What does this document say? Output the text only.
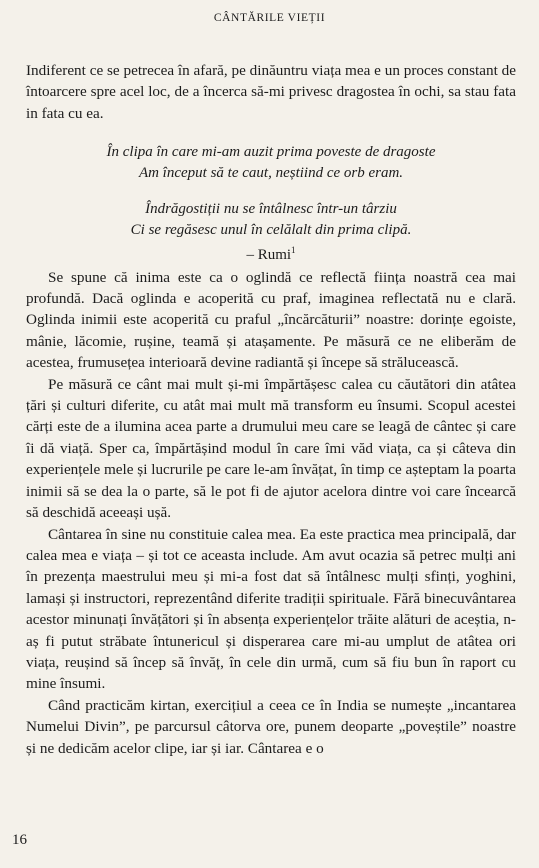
CÂNTĂRILE VIEȚII

Indiferent ce se petrecea în afară, pe dinăuntru viața mea e un proces constant de întoarcere spre acel loc, de a încerca să-mi privesc dragostea în ochi, sa stau fata in fata cu ea.

În clipa în care mi-am auzit prima poveste de dragoste

Am început să te caut, neștiind ce orb eram.

Îndrăgostiții nu se întâlnesc într-un târziu

Ci se regăsesc unul în celălalt din prima clipă.

– Rumi$^1$

Se spune că inima este ca o oglindă ce reflectă ființa noastră cea mai profundă. Dacă oglinda e acoperită cu praf, imaginea reflectată nu e clară. Oglinda inimii este acoperită cu praful „încărcăturii” noastre: dorințe egoiste, mânie, lăcomie, rușine, teamă și atașamente. Pe măsură ce ne eliberăm de acestea, frumusețea interioară devine radiantă și începe să strălucească.

Pe măsură ce cânt mai mult și-mi împărtășesc calea cu căutători din atâtea țări și culturi diferite, cu atât mai mult mă transform eu însumi. Scopul acestei cărți este de a ilumina acea parte a drumului meu care se leagă de cântec și care îi dă viață. Sper ca, împărtășind modul în care îmi văd viața, ca și câteva din experiențele mele și lucrurile pe care le-am învățat, în timp ce așteptam la poarta inimii să se dea la o parte, să le pot fi de ajutor acelora dintre voi care încearcă să deschidă aceeași ușă.

Cântarea în sine nu constituie calea mea. Ea este practica mea principală, dar calea mea e viața – și tot ce aceasta include. Am avut ocazia să petrec mulți ani în prezența maestrului meu și mi-a fost dat să întâlnesc mulți sfinți, yoghini, lamași și instructori, reprezentând diferite tradiții spirituale. Fără binecuvântarea acestor minunați învățători și în absența experiențelor trăite alături de aceștia, n-aș fi putut străbate întunericul și disperarea care mi-au umplut de atâtea ori viața, reușind să încep să învăț, în cele din urmă, cum să fiu bun în raport cu mine însumi.

Când practicăm kirtan, exercițiul a ceea ce în India se numește „incantarea Numelui Divin”, pe parcursul câtorva ore, punem deoparte „poveștile” noastre și ne dedicăm acelor clipe, iar și iar. Cântarea e o

16
